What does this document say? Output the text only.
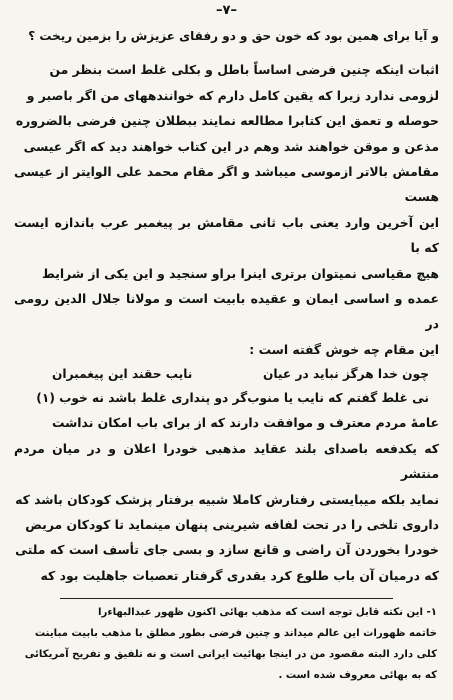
–۷–

و آیا برای همین بود که خون حق و دو رفقای عزیزش را بزمین ریخت ؟

اثبات اینکه چنین فرضی اساساً باطل و بکلی غلط است بنظر من
لزومی ندارد زیرا که یقین کامل دارم که خوانندههای من اگر باصبر و
حوصله و تعمق این کتابرا مطالعه نمایند ببطلان چنین فرضی بالضروره
مذعن و موقن خواهند شد وهم در این کتاب خواهند دید که اگر عیسی
مقامش بالاتر ازموسی میباشد و اگر مقام محمد علی الوایتر از عیسی هست
این آخرین وارد یعنی باب ثانی مقامش بر پیغمبر عرب باندازه ایست که با
هیچ مقیاسی نمیتوان برتری اینرا براو سنجید و این یکی از شرایط
عمده و اساسی ایمان و عقیده بابیت است و مولانا جلال الدین رومی در
این مقام چه خوش گفته است :
چون خدا هرگز نباید در عیان
نایب حقند این پیغمبران
نی غلط گفتم که نایب یا منوب
گر دو پنداری غلط باشد نه خوب (۱)
عامهٔ مردم معترف و موافقت دارند که از برای باب امکان نداشت
که یکدفعه باصدای بلند عقاید مذهبی خودرا اعلان و در میان مردم منتشر
نماید بلکه میبایستی رفتارش کاملا شبیه برفتار پزشک کودکان باشد که
داروی تلخی را در تحت لفافه شیرینی پنهان مینماید تا کودکان مریض
خودرا بخوردن آن راضی و قانع سازد و بسی جای تأسف است که ملتی
که درمیان آن باب طلوع کرد بقدری گرفتار تعصبات جاهلیت بود که

۱- این نکته قابل توجه است که مذهب بهائی اکنون ظهور عبدالبهاءرا

خاتمه ظهورات این عالم میداند و چنین فرضی بطور مطلق با مذهب بابیت مباینت

کلی دارد البته مقصود من در اینجا بهائیت ایرانی است و نه تلفیق و تفریح آمریکائی

که به بهائی معروف شده است .
